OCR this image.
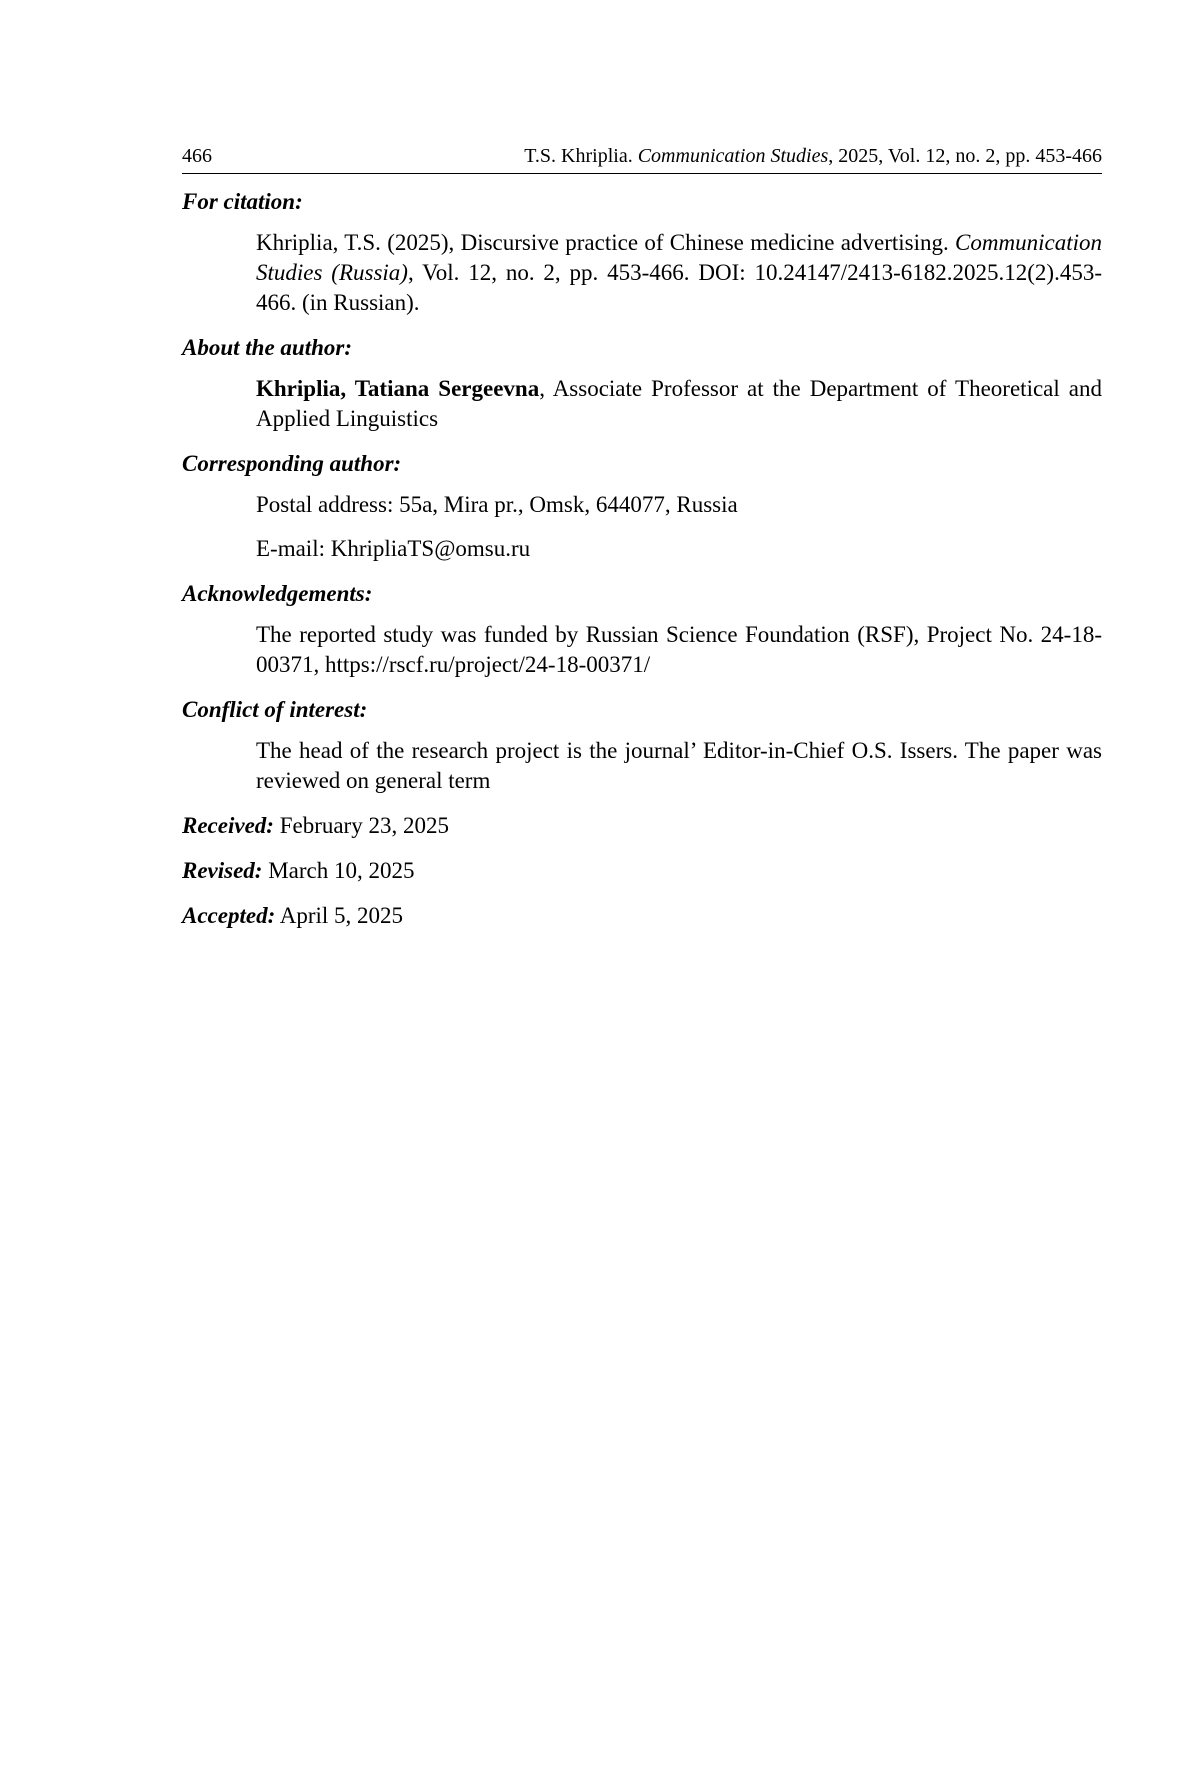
466	T.S. Khriplia. Communication Studies, 2025, Vol. 12, no. 2, pp. 453-466
For citation:

Khriplia, T.S. (2025), Discursive practice of Chinese medicine advertising. Communication Studies (Russia), Vol. 12, no. 2, pp. 453-466. DOI: 10.24147/2413-6182.2025.12(2).453-466. (in Russian).

About the author:

Khriplia, Tatiana Sergeevna, Associate Professor at the Department of Theoretical and Applied Linguistics

Corresponding author:

Postal address: 55a, Mira pr., Omsk, 644077, Russia

E-mail: KhripliaTS@omsu.ru

Acknowledgements:

The reported study was funded by Russian Science Foundation (RSF), Project No. 24-18-00371, https://rscf.ru/project/24-18-00371/

Conflict of interest:

The head of the research project is the journal’ Editor-in-Chief O.S. Issers. The paper was reviewed on general term

Received: February 23, 2025
Revised: March 10, 2025
Accepted: April 5, 2025
